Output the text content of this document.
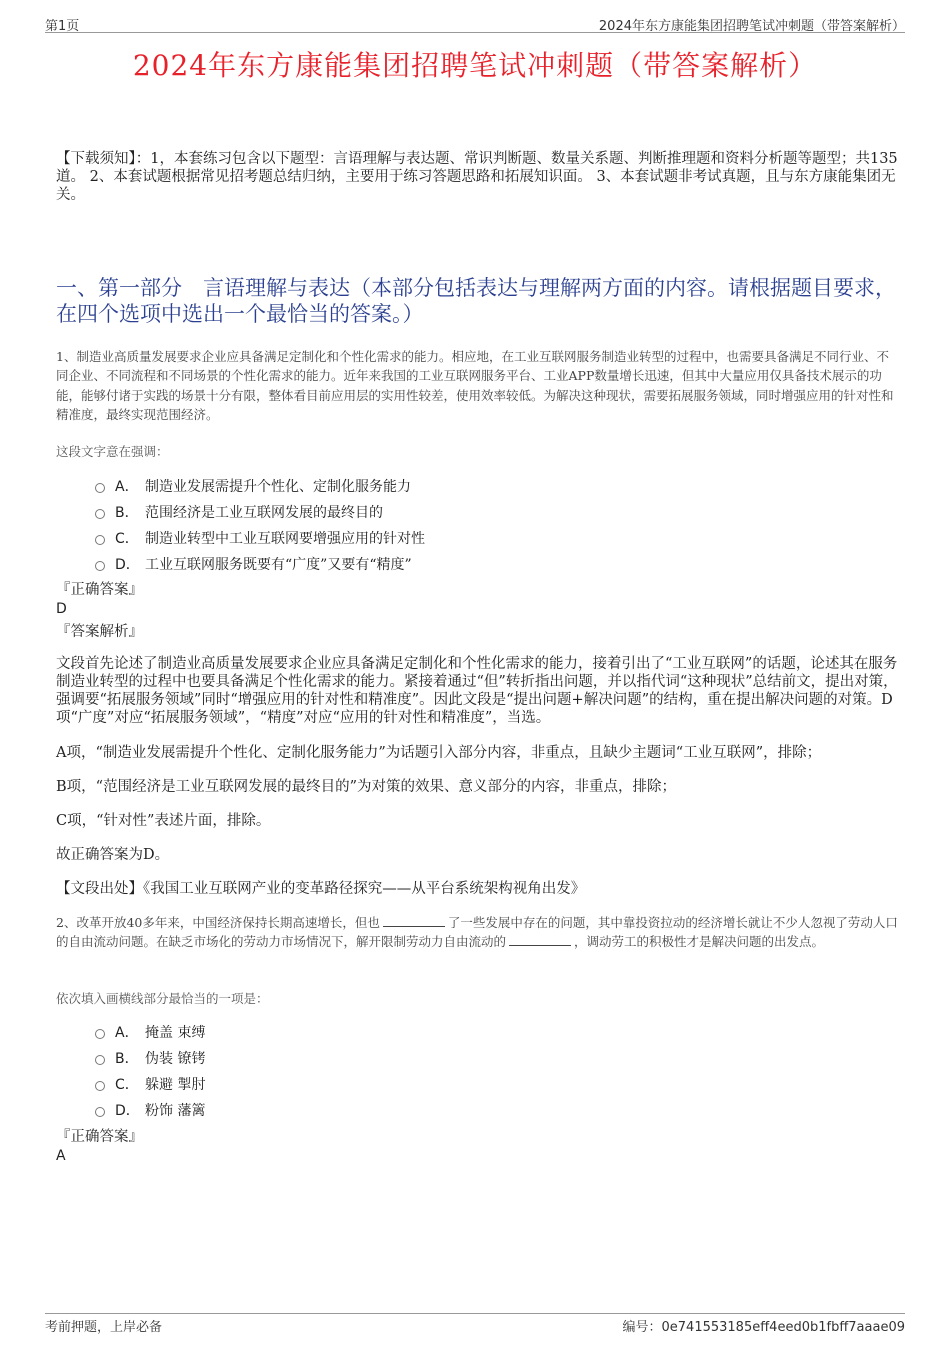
第1页	2024年东方康能集团招聘笔试冲刺题（带答案解析）
2024年东方康能集团招聘笔试冲刺题（带答案解析）
【下载须知】：1，本套练习包含以下题型：言语理解与表达题、常识判断题、数量关系题、判断推理题和资料分析题等题型；共135道。 2、本套试题根据常见招考题总结归纳，主要用于练习答题思路和拓展知识面。 3、本套试题非考试真题，且与东方康能集团无关。
一、第一部分　言语理解与表达（本部分包括表达与理解两方面的内容。请根据题目要求，在四个选项中选出一个最恰当的答案。）
1、制造业高质量发展要求企业应具备满足定制化和个性化需求的能力。相应地，在工业互联网服务制造业转型的过程中，也需要具备满足不同行业、不同企业、不同流程和不同场景的个性化需求的能力。近年来我国的工业互联网服务平台、工业APP数量增长迅速，但其中大量应用仅具备技术展示的功能，能够付诸于实践的场景十分有限，整体看目前应用层的实用性较差，使用效率较低。为解决这种现状，需要拓展服务领域，同时增强应用的针对性和精准度，最终实现范围经济。
这段文字意在强调：
A． 制造业发展需提升个性化、定制化服务能力
B． 范围经济是工业互联网发展的最终目的
C． 制造业转型中工业互联网要增强应用的针对性
D． 工业互联网服务既要有“广度”又要有“精度”
『正确答案』
D
『答案解析』
文段首先论述了制造业高质量发展要求企业应具备满足定制化和个性化需求的能力，接着引出了“工业互联网”的话题，论述其在服务制造业转型的过程中也要具备满足个性化需求的能力。紧接着通过“但”转折指出问题，并以指代词“这种现状”总结前文，提出对策，强调要“拓展服务领域”同时“增强应用的针对性和精准度”。因此文段是“提出问题+解决问题”的结构，重在提出解决问题的对策。D项“广度”对应“拓展服务领域”，“精度”对应“应用的针对性和精准度”，当选。
A项，“制造业发展需提升个性化、定制化服务能力”为话题引入部分内容，非重点，且缺少主题词“工业互联网”，排除；
B项，“范围经济是工业互联网发展的最终目的”为对策的效果、意义部分的内容，非重点，排除；
C项，“针对性”表述片面，排除。
故正确答案为D。
【文段出处】《我国工业互联网产业的变革路径探究——从平台系统架构视角出发》
2、改革开放40多年来，中国经济保持长期高速增长，但也	了一些发展中存在的问题，其中靠投资拉动的经济增长就让不少人忽视了劳动人口的自由流动问题。在缺乏市场化的劳动力市场情况下，解开限制劳动力自由流动的	，调动劳工的积极性才是解决问题的出发点。
依次填入画横线部分最恰当的一项是：
A． 掩盖 束缚
B． 伪装 镣铐
C． 躲避 掣肘
D． 粉饰 藩篱
『正确答案』
A
考前押题，上岸必备	编号：0e741553185eff4eed0b1fbff7aaae09
